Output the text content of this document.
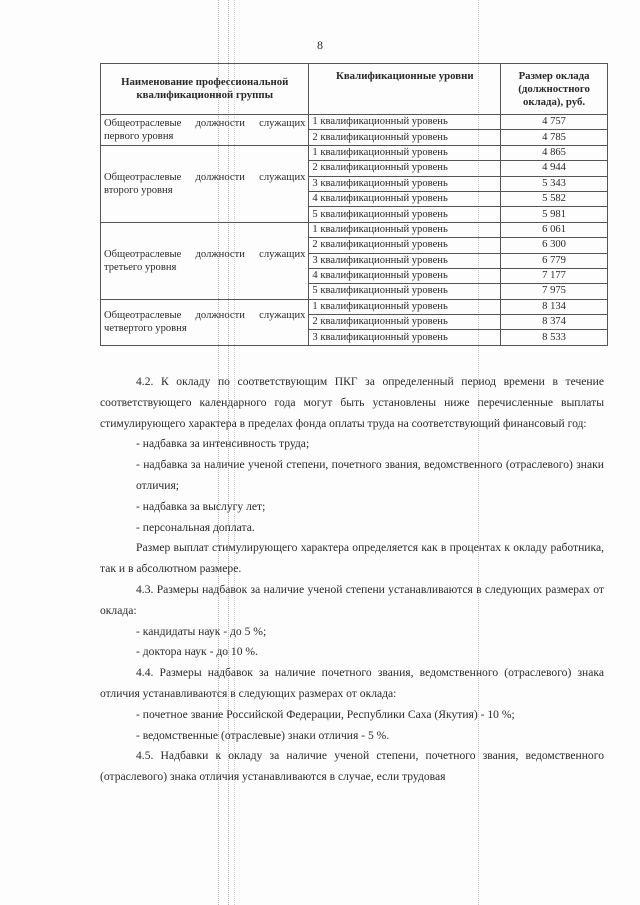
8
Наименование профессиональной квалификационной группы	Квалификационные уровни	Размер оклада (должностного оклада), руб.
Общеотраслевые должности служащих первого уровня	1 квалификационный уровень	4 757
	2 квалификационный уровень	4 785
Общеотраслевые должности служащих второго уровня	1 квалификационный уровень	4 865
	2 квалификационный уровень	4 944
	3 квалификационный уровень	5 343
	4 квалификационный уровень	5 582
	5 квалификационный уровень	5 981
Общеотраслевые должности служащих третьего уровня	1 квалификационный уровень	6 061
	2 квалификационный уровень	6 300
	3 квалификационный уровень	6 779
	4 квалификационный уровень	7 177
	5 квалификационный уровень	7 975
Общеотраслевые должности служащих четвертого уровня	1 квалификационный уровень	8 134
	2 квалификационный уровень	8 374
	3 квалификационный уровень	8 533

4.2. К окладу по соответствующим ПКГ за определенный период времени в течение соответствующего календарного года могут быть установлены ниже перечисленные выплаты стимулирующего характера в пределах фонда оплаты труда на соответствующий финансовый год:

- надбавка за интенсивность труда;

- надбавка за наличие ученой степени, почетного звания, ведомственного (отраслевого) знаки отличия;

- надбавка за выслугу лет;

- персональная доплата.

Размер выплат стимулирующего характера определяется как в процентах к окладу работника, так и в абсолютном размере.

4.3. Размеры надбавок за наличие ученой степени устанавливаются в следующих размерах от оклада:

- кандидаты наук - до 5 %;

- доктора наук - до 10 %.

4.4. Размеры надбавок за наличие почетного звания, ведомственного (отраслевого) знака отличия устанавливаются в следующих размерах от оклада:

- почетное звание Российской Федерации, Республики Саха (Якутия) - 10 %;

- ведомственные (отраслевые) знаки отличия - 5 %.

4.5. Надбавки к окладу за наличие ученой степени, почетного звания, ведомственного (отраслевого) знака отличия устанавливаются в случае, если трудовая
